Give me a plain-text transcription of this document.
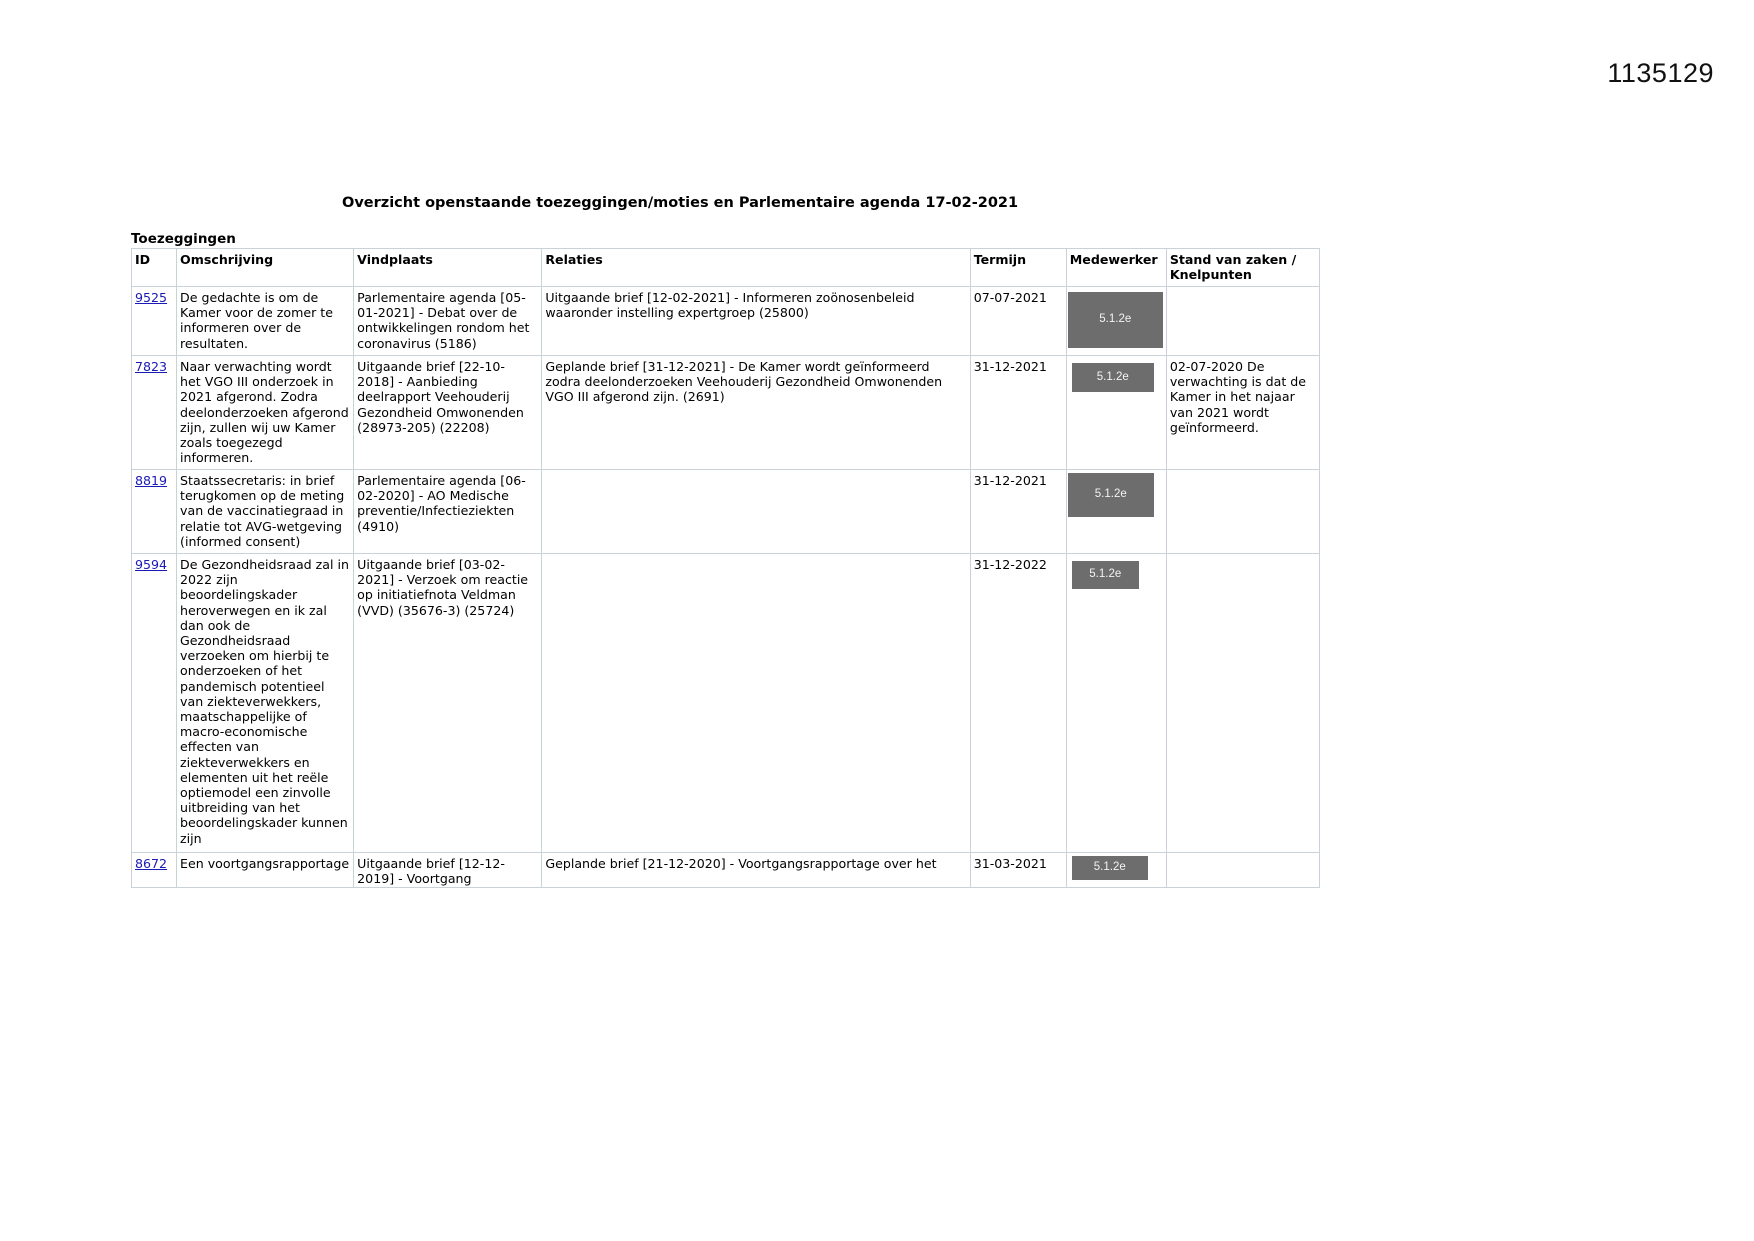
1135129
Overzicht openstaande toezeggingen/moties en Parlementaire agenda 17-02-2021
Toezeggingen
ID	Omschrijving	Vindplaats	Relaties	Termijn	Medewerker	Stand van zaken / Knelpunten
9525	De gedachte is om de Kamer voor de zomer te informeren over de resultaten.	Parlementaire agenda [05-01-2021] - Debat over de ontwikkelingen rondom het coronavirus (5186)	Uitgaande brief [12-02-2021] - Informeren zoönosenbeleid waaronder instelling expertgroep (25800)	07-07-2021	5.1.2e	

7823	Naar verwachting wordt het VGO III onderzoek in 2021 afgerond. Zodra deelonderzoeken afgerond zijn, zullen wij uw Kamer zoals toegezegd informeren.	Uitgaande brief [22-10-2018] - Aanbieding deelrapport Veehouderij Gezondheid Omwonenden (28973-205) (22208)	Geplande brief [31-12-2021] - De Kamer wordt geïnformeerd zodra deelonderzoeken Veehouderij Gezondheid Omwonenden VGO III afgerond zijn. (2691)	31-12-2021	5.1.2e	02-07-2020 De verwachting is dat de Kamer in het najaar van 2021 wordt geïnformeerd.
8819	Staatssecretaris: in brief terugkomen op de meting van de vaccinatiegraad in relatie tot AVG-wetgeving (informed consent)	Parlementaire agenda [06-02-2020] - AO Medische preventie/Infectieziekten (4910)		31-12-2021	5.1.2e	

9594	De Gezondheidsraad zal in 2022 zijn beoordelingskader heroverwegen en ik zal dan ook de Gezondheidsraad verzoeken om hierbij te onderzoeken of het pandemisch potentieel van ziekteverwekkers, maatschappelijke of macro-economische effecten van ziekteverwekkers en elementen uit het reële optiemodel een zinvolle uitbreiding van het beoordelingskader kunnen zijn	Uitgaande brief [03-02-2021] - Verzoek om reactie op initiatiefnota Veldman (VVD) (35676-3) (25724)		31-12-2022	5.1.2e	

8672	Een voortgangsrapportage	Uitgaande brief [12-12-2019] - Voortgang	Geplande brief [21-12-2020] - Voortgangsrapportage over het	31-03-2021	5.1.2e	
